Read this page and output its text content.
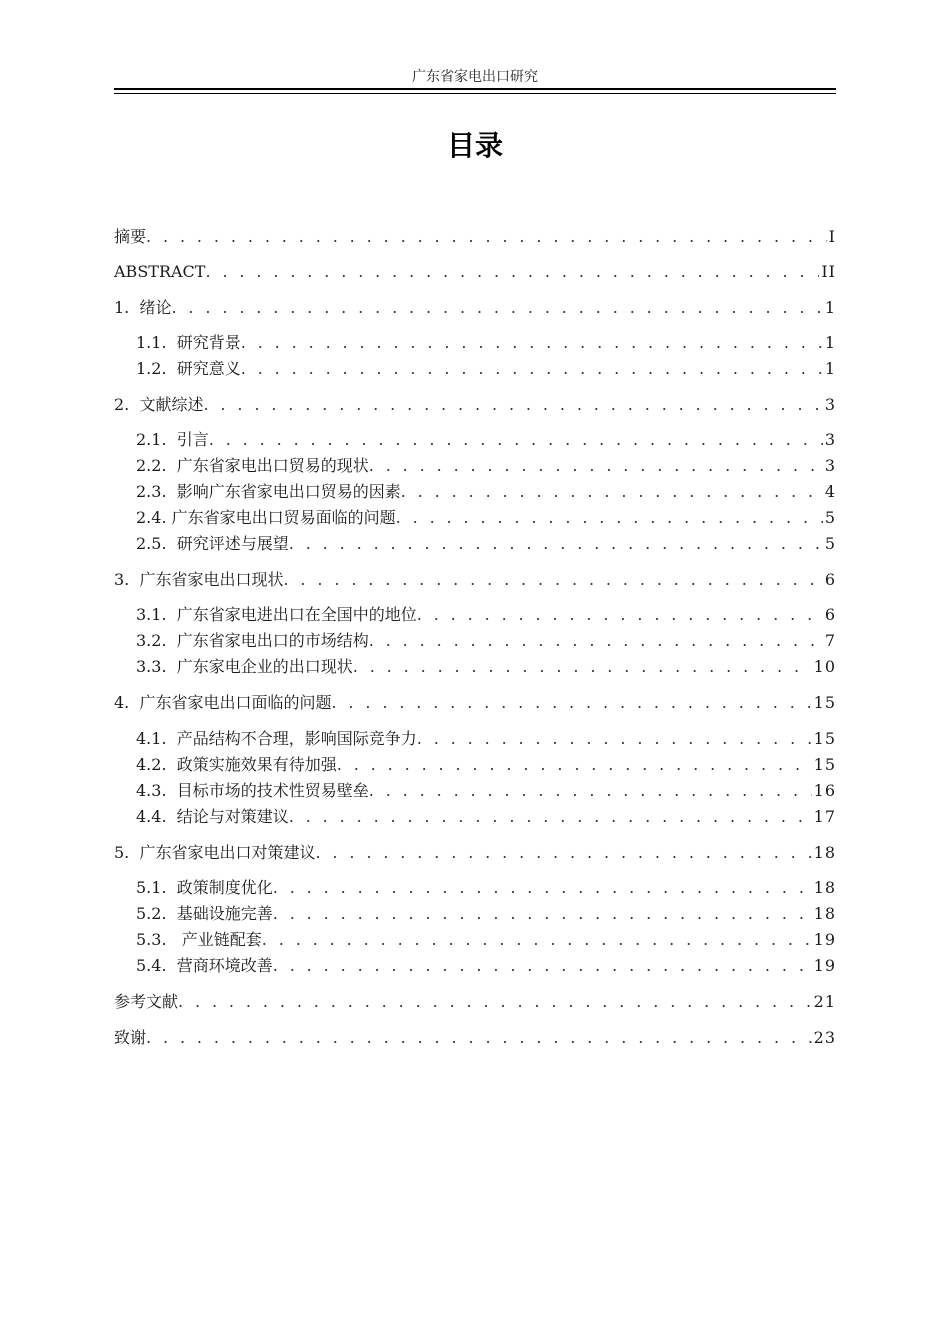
广东省家电出口研究
目录
摘要 . . .	I
ABSTRACT . . .	II
1.  绪论 . . .	1
1.1.  研究背景 . . .	1
1.2.  研究意义 . . .	1
2.  文献综述 . . .	3
2.1.  引言 . . .	3
2.2.  广东省家电出口贸易的现状 . . .	3
2.3.  影响广东省家电出口贸易的因素 . . .	4
2.4. 广东省家电出口贸易面临的问题 . . .	5
2.5.  研究评述与展望 . . .	5
3.  广东省家电出口现状 . . .	6
3.1.  广东省家电进出口在全国中的地位 . . .	6
3.2.  广东省家电出口的市场结构 . . .	7
3.3.  广东家电企业的出口现状 . . .	10
4.  广东省家电出口面临的问题 . . .	15
4.1.  产品结构不合理，影响国际竞争力 . . .	15
4.2.  政策实施效果有待加强 . . .	15
4.3.  目标市场的技术性贸易壁垒 . . .	16
4.4.  结论与对策建议 . . .	17
5.  广东省家电出口对策建议 . . .	18
5.1.  政策制度优化 . . .	18
5.2.  基础设施完善 . . .	18
5.3.   产业链配套 . . .	19
5.4.  营商环境改善 . . .	19
参考文献 . . .	21
致谢 . . .	23
